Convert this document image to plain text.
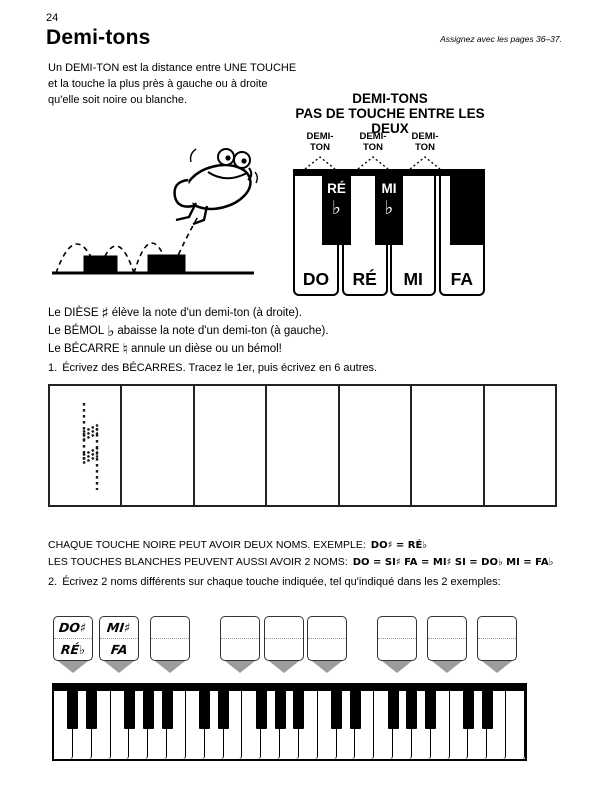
24
Demi-tons	Assignez avec les pages 36–37.
Un DEMI-TON est la distance entre UNE TOUCHE
et la touche la plus près à gauche ou à droite
qu'elle soit noire ou blanche.	DEMI-TONS
PAS DE TOUCHE ENTRE LES DEUX
DEMI-
TON
DEMI-
TON
DEMI-
TON
DO	RÉ	MI	FA
RÉ
♭
MI
♭
Le DIÈSE ♯ élève la note d'un demi-ton (à droite).
Le BÉMOL ♭ abaisse la note d'un demi-ton (à gauche).
Le BÉCARRE ♮ annule un dièse ou un bémol!
1. Écrivez des BÉCARRES. Tracez le 1er, puis écrivez en 6 autres.
CHAQUE TOUCHE NOIRE PEUT AVOIR DEUX NOMS. EXEMPLE: DO♯ = RÉ♭
LES TOUCHES BLANCHES PEUVENT AUSSI AVOIR 2 NOMS: DO = SI♯ FA = MI♯ SI = DO♭ MI = FA♭
2. Écrivez 2 noms différents sur chaque touche indiquée, tel qu'indiqué dans les 2 exemples:
DO♯
RÉ♭
MI♯
FA
